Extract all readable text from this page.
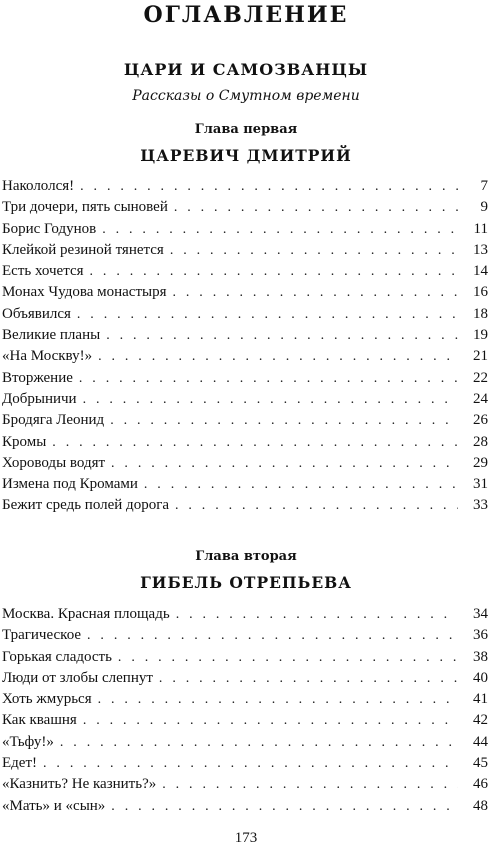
ОГЛАВЛЕНИЕ
ЦАРИ И САМОЗВАНЦЫ
Рассказы о Смутном времени
Глава первая
ЦАРЕВИЧ ДМИТРИЙ
Накололся! . . .	7
Три дочери, пять сыновей . . .	9
Борис Годунов . . .	11
Клейкой резиной тянется . . .	13
Есть хочется . . .	14
Монах Чудова монастыря . . .	16
Объявился . . .	18
Великие планы . . .	19
«На Москву!» . . .	21
Вторжение . . .	22
Добрыничи . . .	24
Бродяга Леонид . . .	26
Кромы . . .	28
Хороводы водят . . .	29
Измена под Кромами . . .	31
Бежит средь полей дорога . . .	33
Глава вторая
ГИБЕЛЬ ОТРЕПЬЕВА
Москва. Красная площадь . . .	34
Трагическое . . .	36
Горькая сладость . . .	38
Люди от злобы слепнут . . .	40
Хоть жмурься . . .	41
Как квашня . . .	42
«Тьфу!» . . .	44
Едет! . . .	45
«Казнить? Не казнить?» . . .	46
«Мать» и «сын» . . .	48
173
